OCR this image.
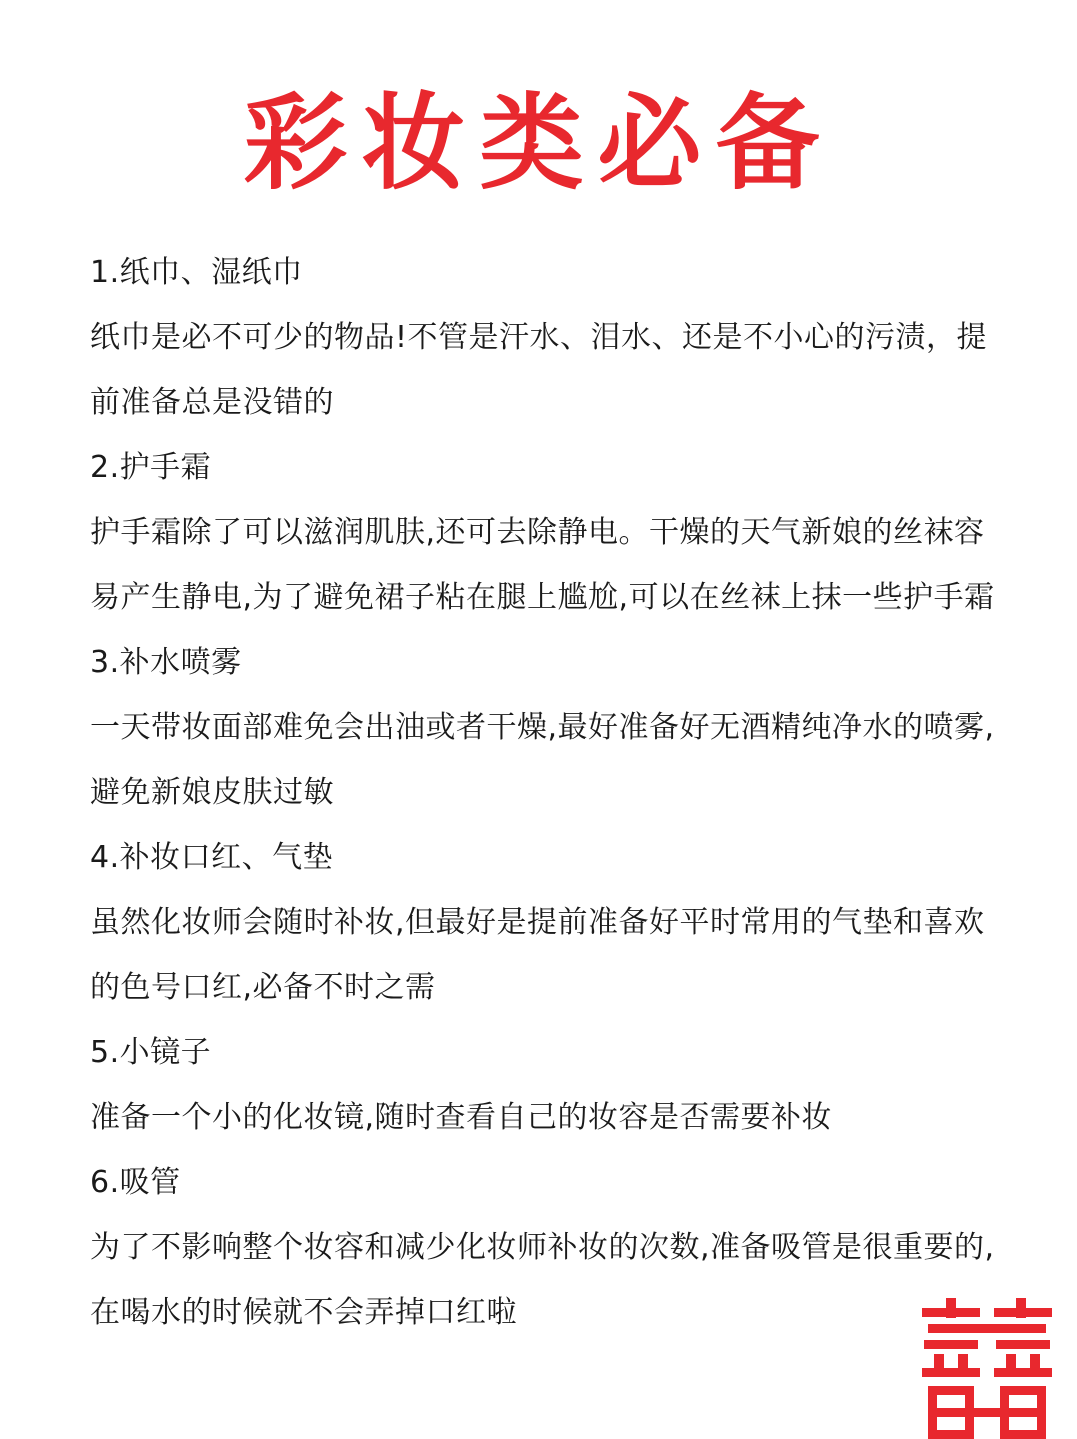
彩妆类必备
1.纸巾、湿纸巾
纸巾是必不可少的物品!不管是汗水、泪水、还是不小心的污渍，提
前准备总是没错的
2.护手霜
护手霜除了可以滋润肌肤,还可去除静电。干燥的天气新娘的丝袜容
易产生静电,为了避免裙子粘在腿上尴尬,可以在丝袜上抹一些护手霜
3.补水喷雾
一天带妆面部难免会出油或者干燥,最好准备好无酒精纯净水的喷雾,
避免新娘皮肤过敏
4.补妆口红、气垫
虽然化妆师会随时补妆,但最好是提前准备好平时常用的气垫和喜欢
的色号口红,必备不时之需
5.小镜子
准备一个小的化妆镜,随时查看自己的妆容是否需要补妆
6.吸管
为了不影响整个妆容和减少化妆师补妆的次数,准备吸管是很重要的,
在喝水的时候就不会弄掉口红啦
